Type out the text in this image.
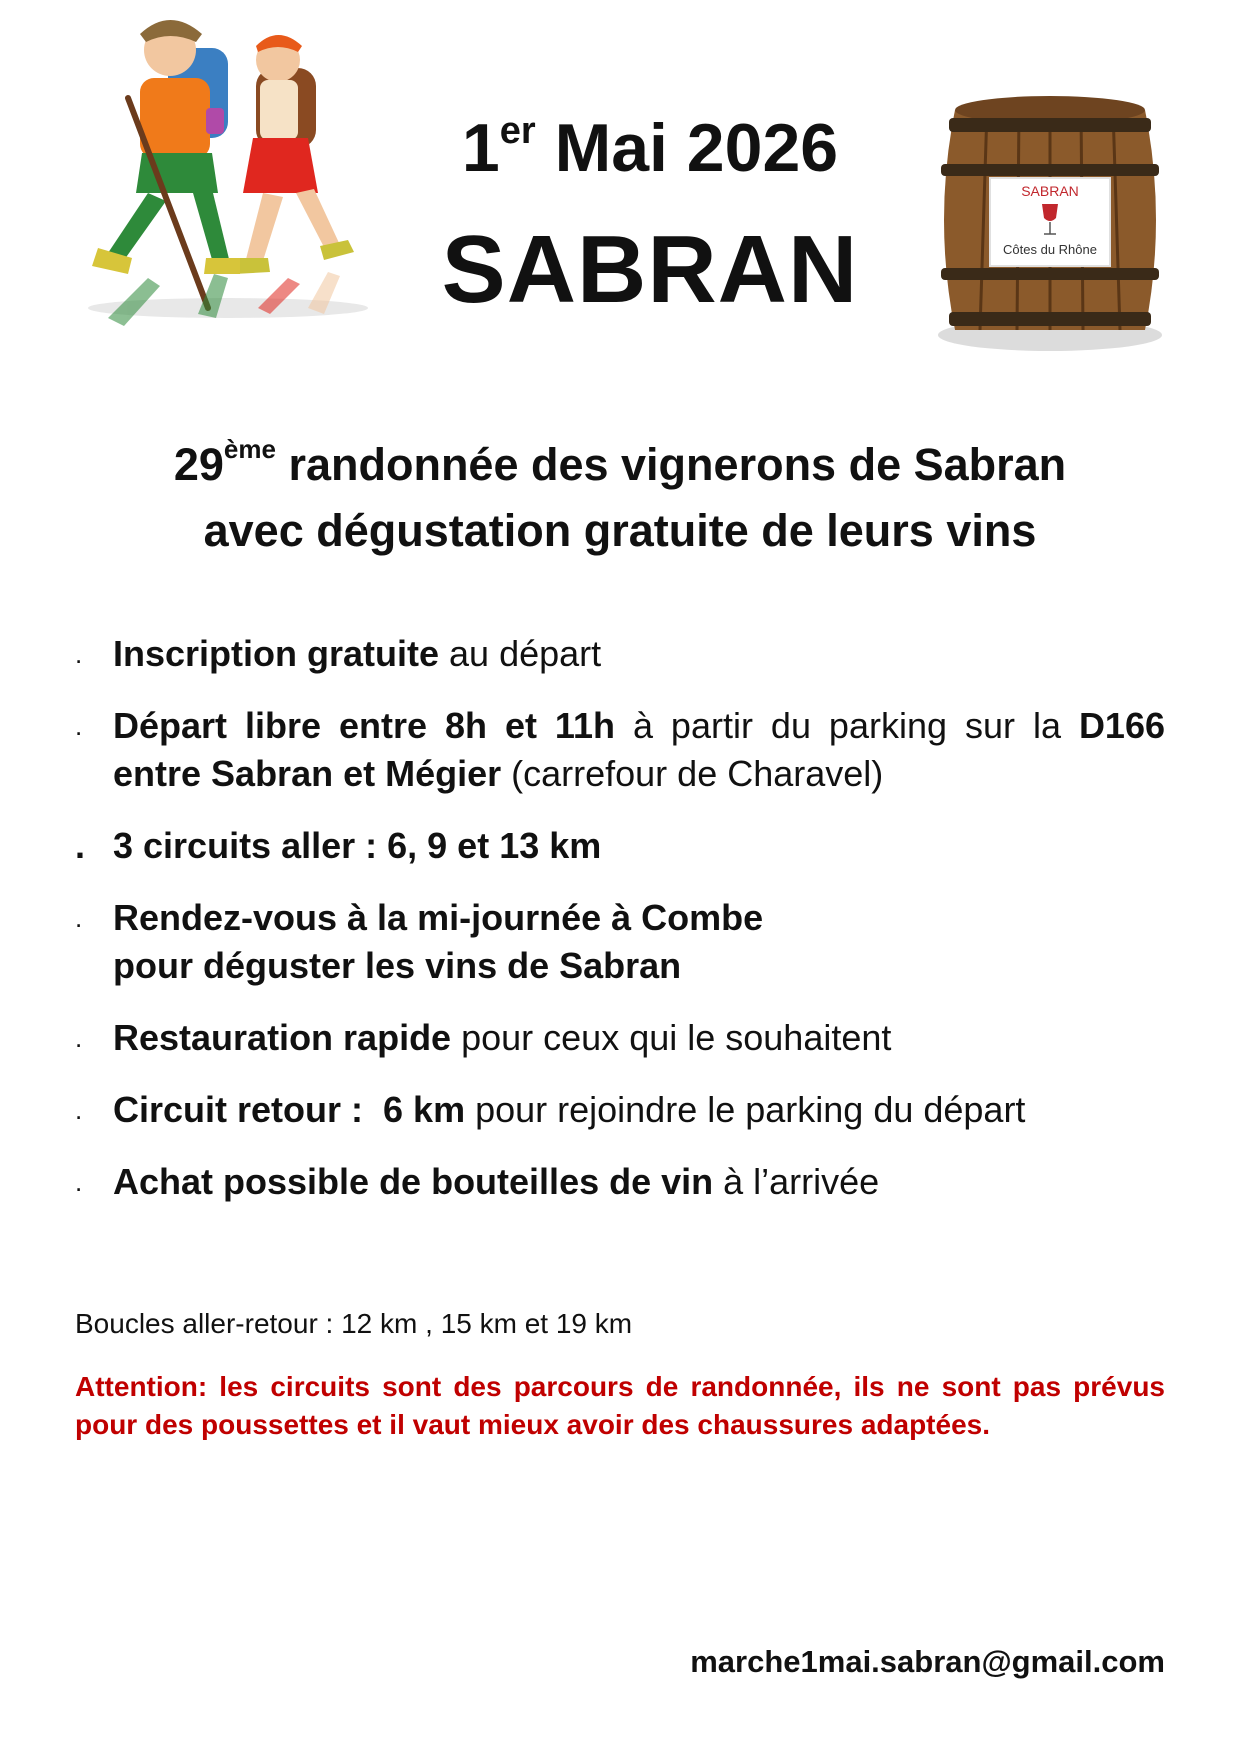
SABRAN
Côtes du Rhône
1er Mai 2026
SABRAN
29ème randonnée des vignerons de Sabran
avec dégustation gratuite de leurs vins
. Inscription gratuite au départ
. Départ libre entre 8h et 11h à partir du parking sur la D166 entre Sabran et Mégier (carrefour de Charavel)
. 3 circuits aller : 6, 9 et 13 km
. Rendez-vous à la mi-journée à Combe
pour déguster les vins de Sabran
. Restauration rapide pour ceux qui le souhaitent
. Circuit retour :  6 km pour rejoindre le parking du départ
. Achat possible de bouteilles de vin à l’arrivée
Boucles aller-retour : 12 km , 15 km et 19 km
Attention: les circuits sont des parcours de randonnée, ils ne sont pas prévus pour des poussettes et il vaut mieux avoir des chaussures adaptées.
marche1mai.sabran@gmail.com
